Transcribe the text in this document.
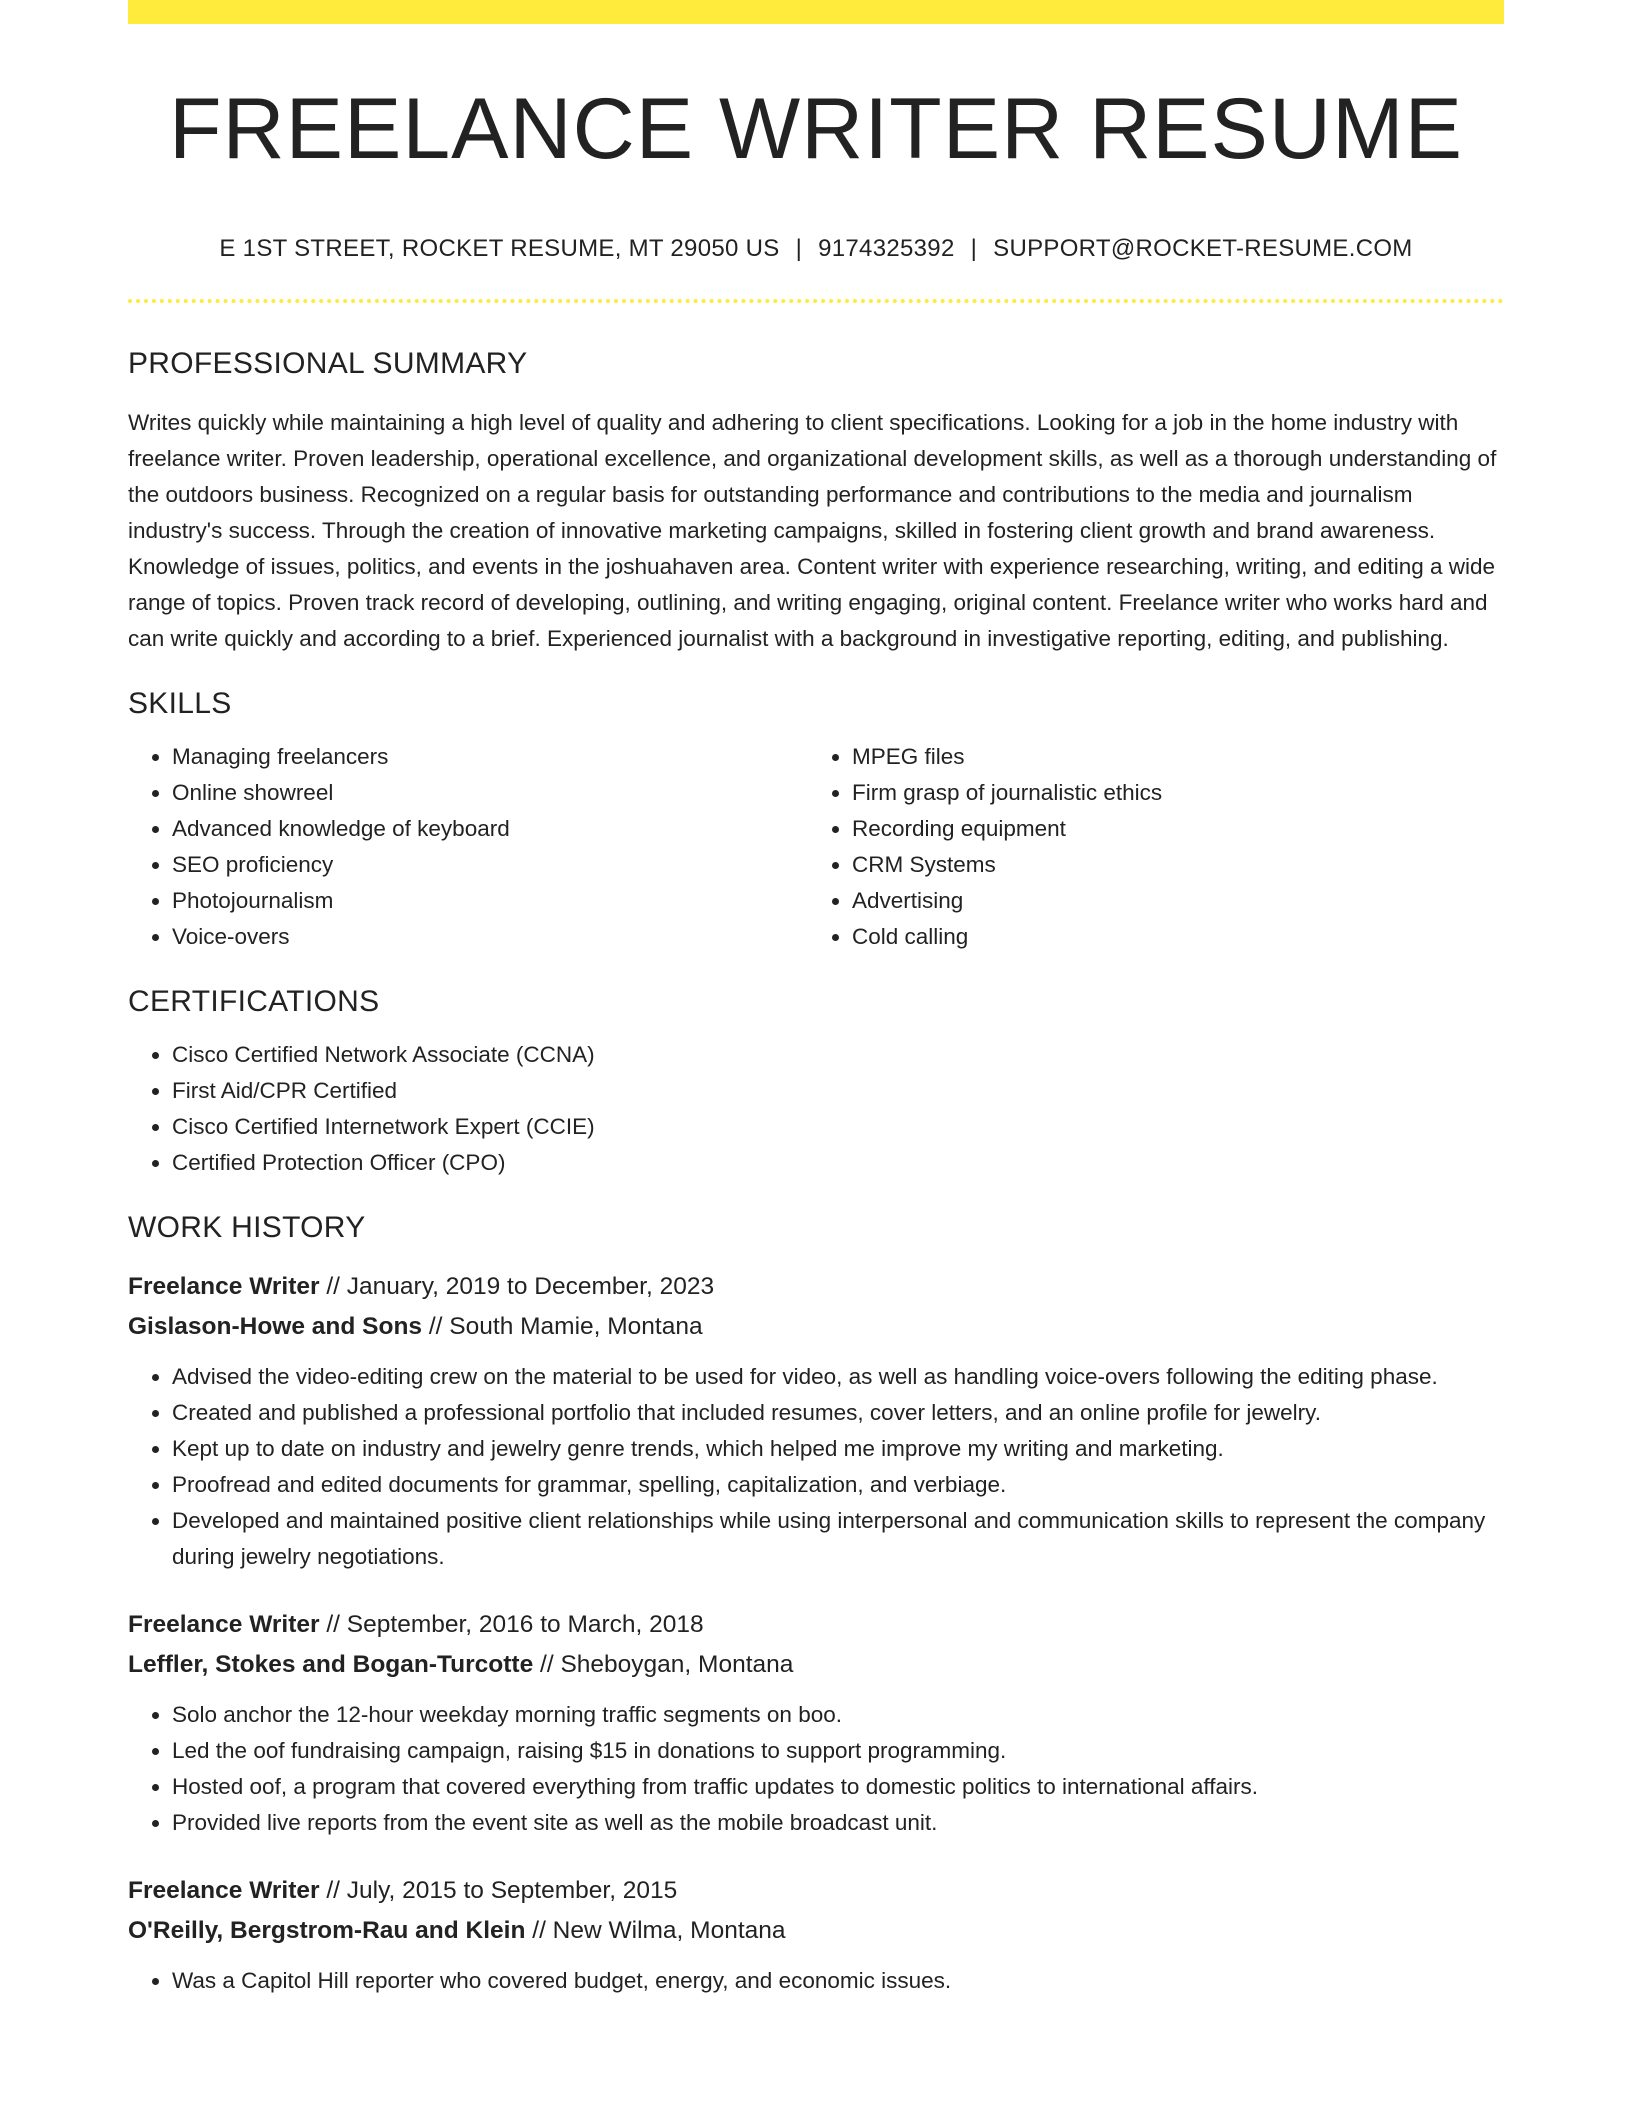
FREELANCE WRITER RESUME
E 1ST STREET, ROCKET RESUME, MT 29050 US | 9174325392 | SUPPORT@ROCKET-RESUME.COM
PROFESSIONAL SUMMARY

Writes quickly while maintaining a high level of quality and adhering to client specifications. Looking for a job in the home industry with freelance writer. Proven leadership, operational excellence, and organizational development skills, as well as a thorough understanding of the outdoors business. Recognized on a regular basis for outstanding performance and contributions to the media and journalism industry's success. Through the creation of innovative marketing campaigns, skilled in fostering client growth and brand awareness. Knowledge of issues, politics, and events in the joshuahaven area. Content writer with experience researching, writing, and editing a wide range of topics. Proven track record of developing, outlining, and writing engaging, original content. Freelance writer who works hard and can write quickly and according to a brief. Experienced journalist with a background in investigative reporting, editing, and publishing.

SKILLS
• Managing freelancers
• Online showreel
• Advanced knowledge of keyboard
• SEO proficiency
• Photojournalism
• Voice-overs
• MPEG files
• Firm grasp of journalistic ethics
• Recording equipment
• CRM Systems
• Advertising
• Cold calling
CERTIFICATIONS
• Cisco Certified Network Associate (CCNA)
• First Aid/CPR Certified
• Cisco Certified Internetwork Expert (CCIE)
• Certified Protection Officer (CPO)
WORK HISTORY
Freelance Writer // January, 2019 to December, 2023
Gislason-Howe and Sons // South Mamie, Montana
• Advised the video-editing crew on the material to be used for video, as well as handling voice-overs following the editing phase.
• Created and published a professional portfolio that included resumes, cover letters, and an online profile for jewelry.
• Kept up to date on industry and jewelry genre trends, which helped me improve my writing and marketing.
• Proofread and edited documents for grammar, spelling, capitalization, and verbiage.
• Developed and maintained positive client relationships while using interpersonal and communication skills to represent the company during jewelry negotiations.
Freelance Writer // September, 2016 to March, 2018
Leffler, Stokes and Bogan-Turcotte // Sheboygan, Montana
• Solo anchor the 12-hour weekday morning traffic segments on boo.
• Led the oof fundraising campaign, raising $15 in donations to support programming.
• Hosted oof, a program that covered everything from traffic updates to domestic politics to international affairs.
• Provided live reports from the event site as well as the mobile broadcast unit.
Freelance Writer // July, 2015 to September, 2015
O'Reilly, Bergstrom-Rau and Klein // New Wilma, Montana
• Was a Capitol Hill reporter who covered budget, energy, and economic issues.
